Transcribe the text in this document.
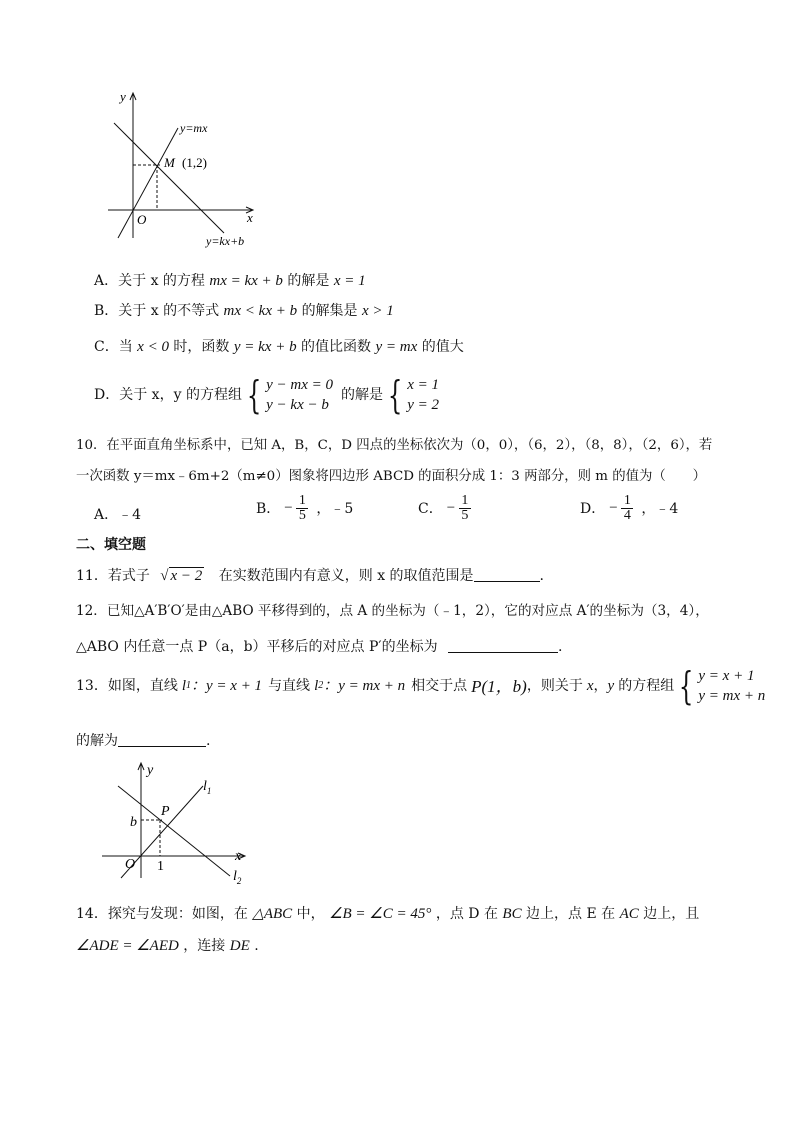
y
x
O
y=mx
y=kx+b
M (1,2)
A．关于 x 的方程 mx = kx + b 的解是 x = 1
B．关于 x 的不等式 mx < kx + b 的解集是 x > 1
C．当 x < 0 时，函数 y = kx + b 的值比函数 y = mx 的值大
D． 关于 x，y 的方程组 { y − mx = 0
y − kx − b
的解是 { x = 1
y = 2
10．在平面直角坐标系中，已知 A，B，C，D 四点的坐标依次为（0，0），（6，2），（8，8），（2，6），若
一次函数 y＝mx﹣6m+2（m≠0）图象将四边形 ABCD 的面积分成 1：3 两部分，则 m 的值为（　　）
A．﹣4	B． − $\frac{1}{5}$ ，﹣5	C． − $\frac{1}{5}$	D． − $\frac{1}{4}$ ，﹣4
二、填空题
11．若式子 √ x − 2 在实数范围内有意义，则 x 的取值范围是	.
12．已知△A′B′O′是由△ABO 平移得到的，点 A 的坐标为（﹣1，2），它的对应点 A′的坐标为（3，4），
△ABO 内任意一点 P（a，b）平移后的对应点 P′的坐标为	.
13．如图，直线 l 1 ：y = x + 1 与直线 l 2 ：y = mx + n 相交于点 P(1，b) ，则关于 x ， y 的方程组 { y = x + 1
y = mx + n
的解为	.
y
x
O
P
b
1
$l_1$
$l_2$
14．探究与发现：如图，在 △ABC 中， ∠B = ∠C = 45° ，点 D 在 BC 边上，点 E 在 AC 边上，且
∠ADE = ∠AED ，连接 DE .
